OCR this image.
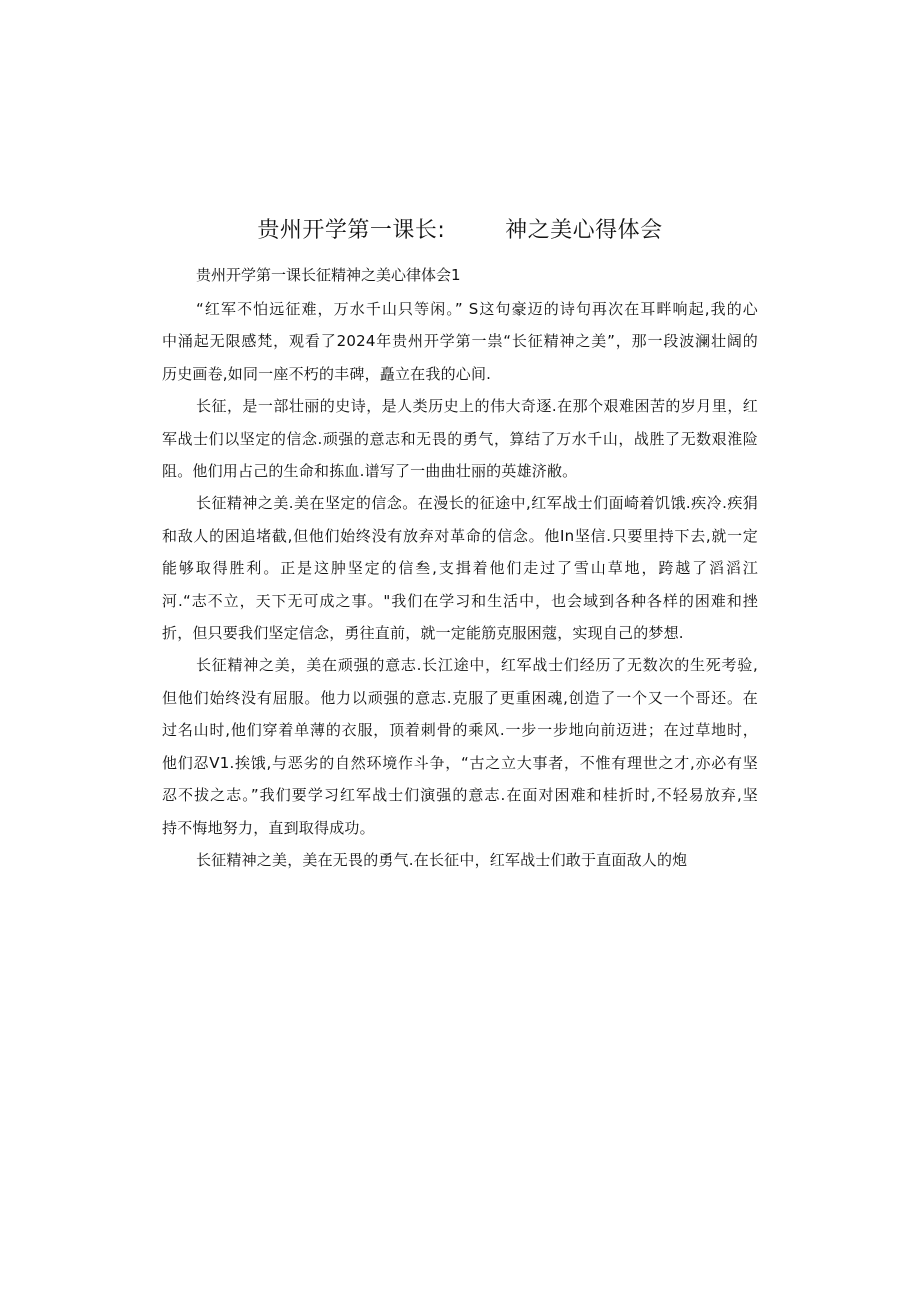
贵州开学第一课长:        神之美心得体会
贵州开学第一课长征精神之美心律体会1
“红军不怕远征难，万水千山只等闲。” S这句豪迈的诗句再次在耳畔响起,我的心
中涌起无限感梵，观看了2024年贵州开学第一祟“长征精神之美”，那一段波澜壮阔的
历史画卷,如同一座不朽的丰碑，矗立在我的心间.
长征，是一部壮丽的史诗，是人类历史上的伟大奇逐.在那个艰难困苦的岁月里，红
军战士们以坚定的信念.顽强的意志和无畏的勇气，算结了万水千山，战胜了无数艰淮险
阻。他们用占己的生命和拣血.谱写了一曲曲壮丽的英雄济敝。
长征精神之美.美在坚定的信念。在漫长的征途中,红军战士们面崎着饥饿.疾冷.疾狷
和敌人的困追堵截,但他们始终没有放弃对革命的信念。他In坚信.只要里持下去,就一定
能够取得胜利。正是这肿坚定的信叁,支揖着他们走过了雪山草地，跨越了滔滔江
河.“志不立，天下无可成之事。"我们在学习和生活中，也会域到各种各样的困难和挫
折，但只要我们坚定信念，勇往直前，就一定能筋克服困蔻，实现自己的梦想.
长征精神之美，美在顽强的意志.长江途中，红军战士们经历了无数次的生死考验,
但他们始终没有屈服。他力以顽强的意志.克服了更重困魂,创造了一个又一个哥还。在
过名山时,他们穿着单薄的衣服，顶着刺骨的乘风.一步一步地向前迈进；在过草地时，
他们忍V1.挨饿,与恶劣的自然环境作斗争，“古之立大事者，不惟有理世之才,亦必有坚
忍不拔之志。”我们要学习红军战士们演强的意志.在面对困难和桂折时,不轻易放弃,坚
持不悔地努力，直到取得成功。
长征精神之美，美在无畏的勇气.在长征中，红军战士们敢于直面敌人的炮
